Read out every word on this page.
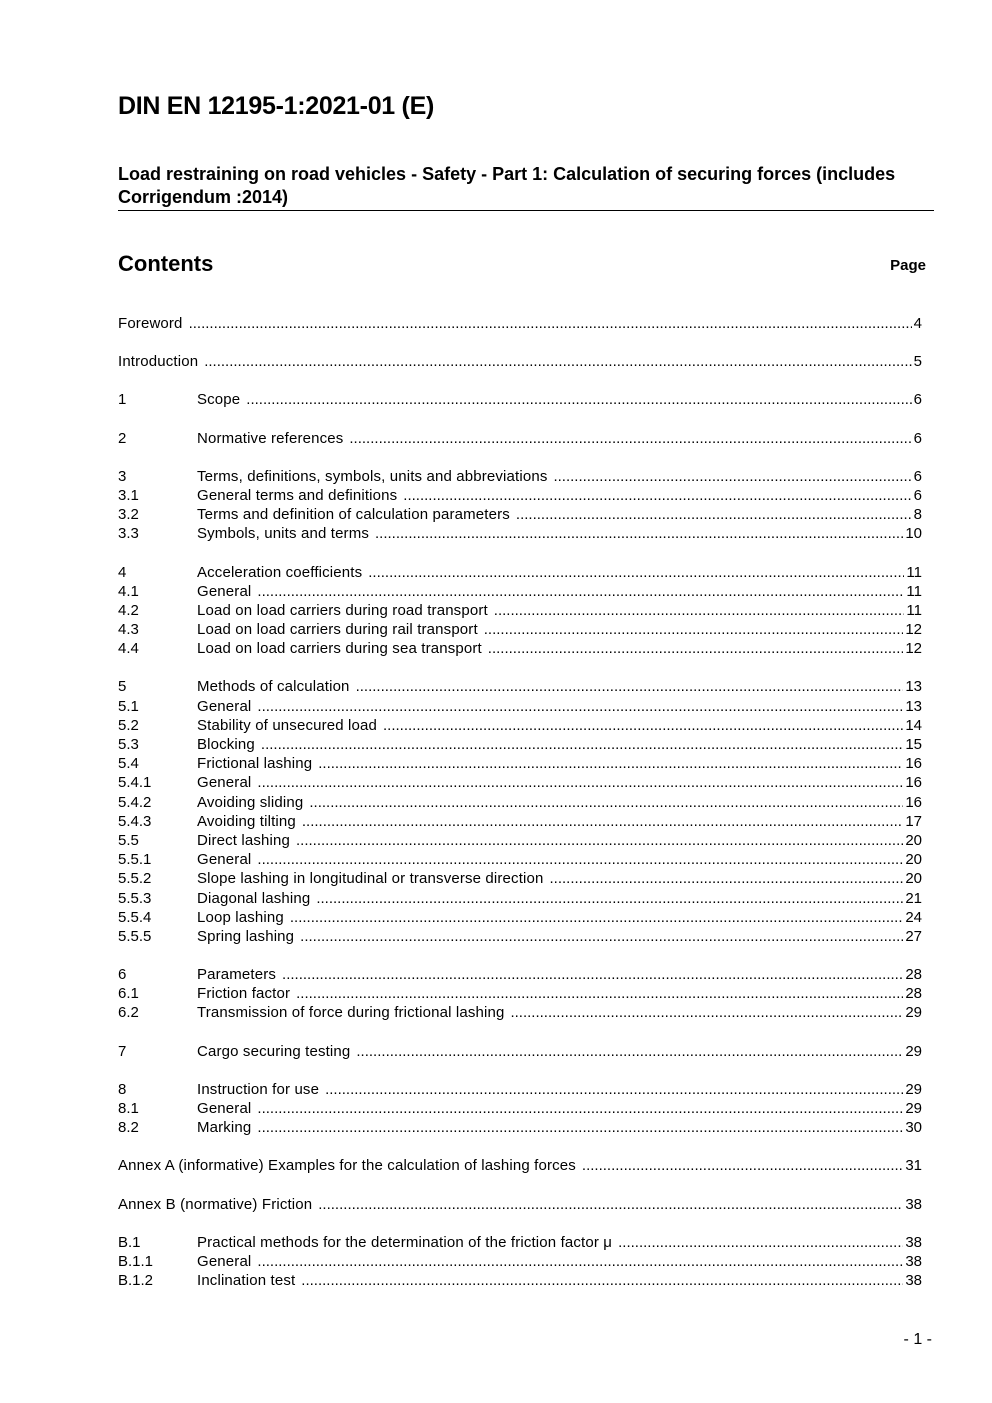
DIN EN 12195-1:2021-01 (E)
Load restraining on road vehicles - Safety - Part 1: Calculation of securing forces (includes Corrigendum :2014)
Contents	Page
Foreword .....	4
Introduction .....	5
1	Scope .....	6
2	Normative references .....	6
3	Terms, definitions, symbols, units and abbreviations .....	6
3.1	General terms and definitions .....	6
3.2	Terms and definition of calculation parameters .....	8
3.3	Symbols, units and terms .....	10
4	Acceleration coefficients .....	11
4.1	General .....	11
4.2	Load on load carriers during road transport .....	11
4.3	Load on load carriers during rail transport .....	12
4.4	Load on load carriers during sea transport .....	12
5	Methods of calculation .....	13
5.1	General .....	13
5.2	Stability of unsecured load .....	14
5.3	Blocking .....	15
5.4	Frictional lashing .....	16
5.4.1	General .....	16
5.4.2	Avoiding sliding .....	16
5.4.3	Avoiding tilting .....	17
5.5	Direct lashing .....	20
5.5.1	General .....	20
5.5.2	Slope lashing in longitudinal or transverse direction .....	20
5.5.3	Diagonal lashing .....	21
5.5.4	Loop lashing .....	24
5.5.5	Spring lashing .....	27
6	Parameters .....	28
6.1	Friction factor .....	28
6.2	Transmission of force during frictional lashing .....	29
7	Cargo securing testing .....	29
8	Instruction for use .....	29
8.1	General .....	29
8.2	Marking .....	30
Annex A (informative) Examples for the calculation of lashing forces .....	31
Annex B (normative) Friction .....	38
B.1	Practical methods for the determination of the friction factor μ .....	38
B.1.1	General .....	38
B.1.2	Inclination test .....	38
- 1 -
